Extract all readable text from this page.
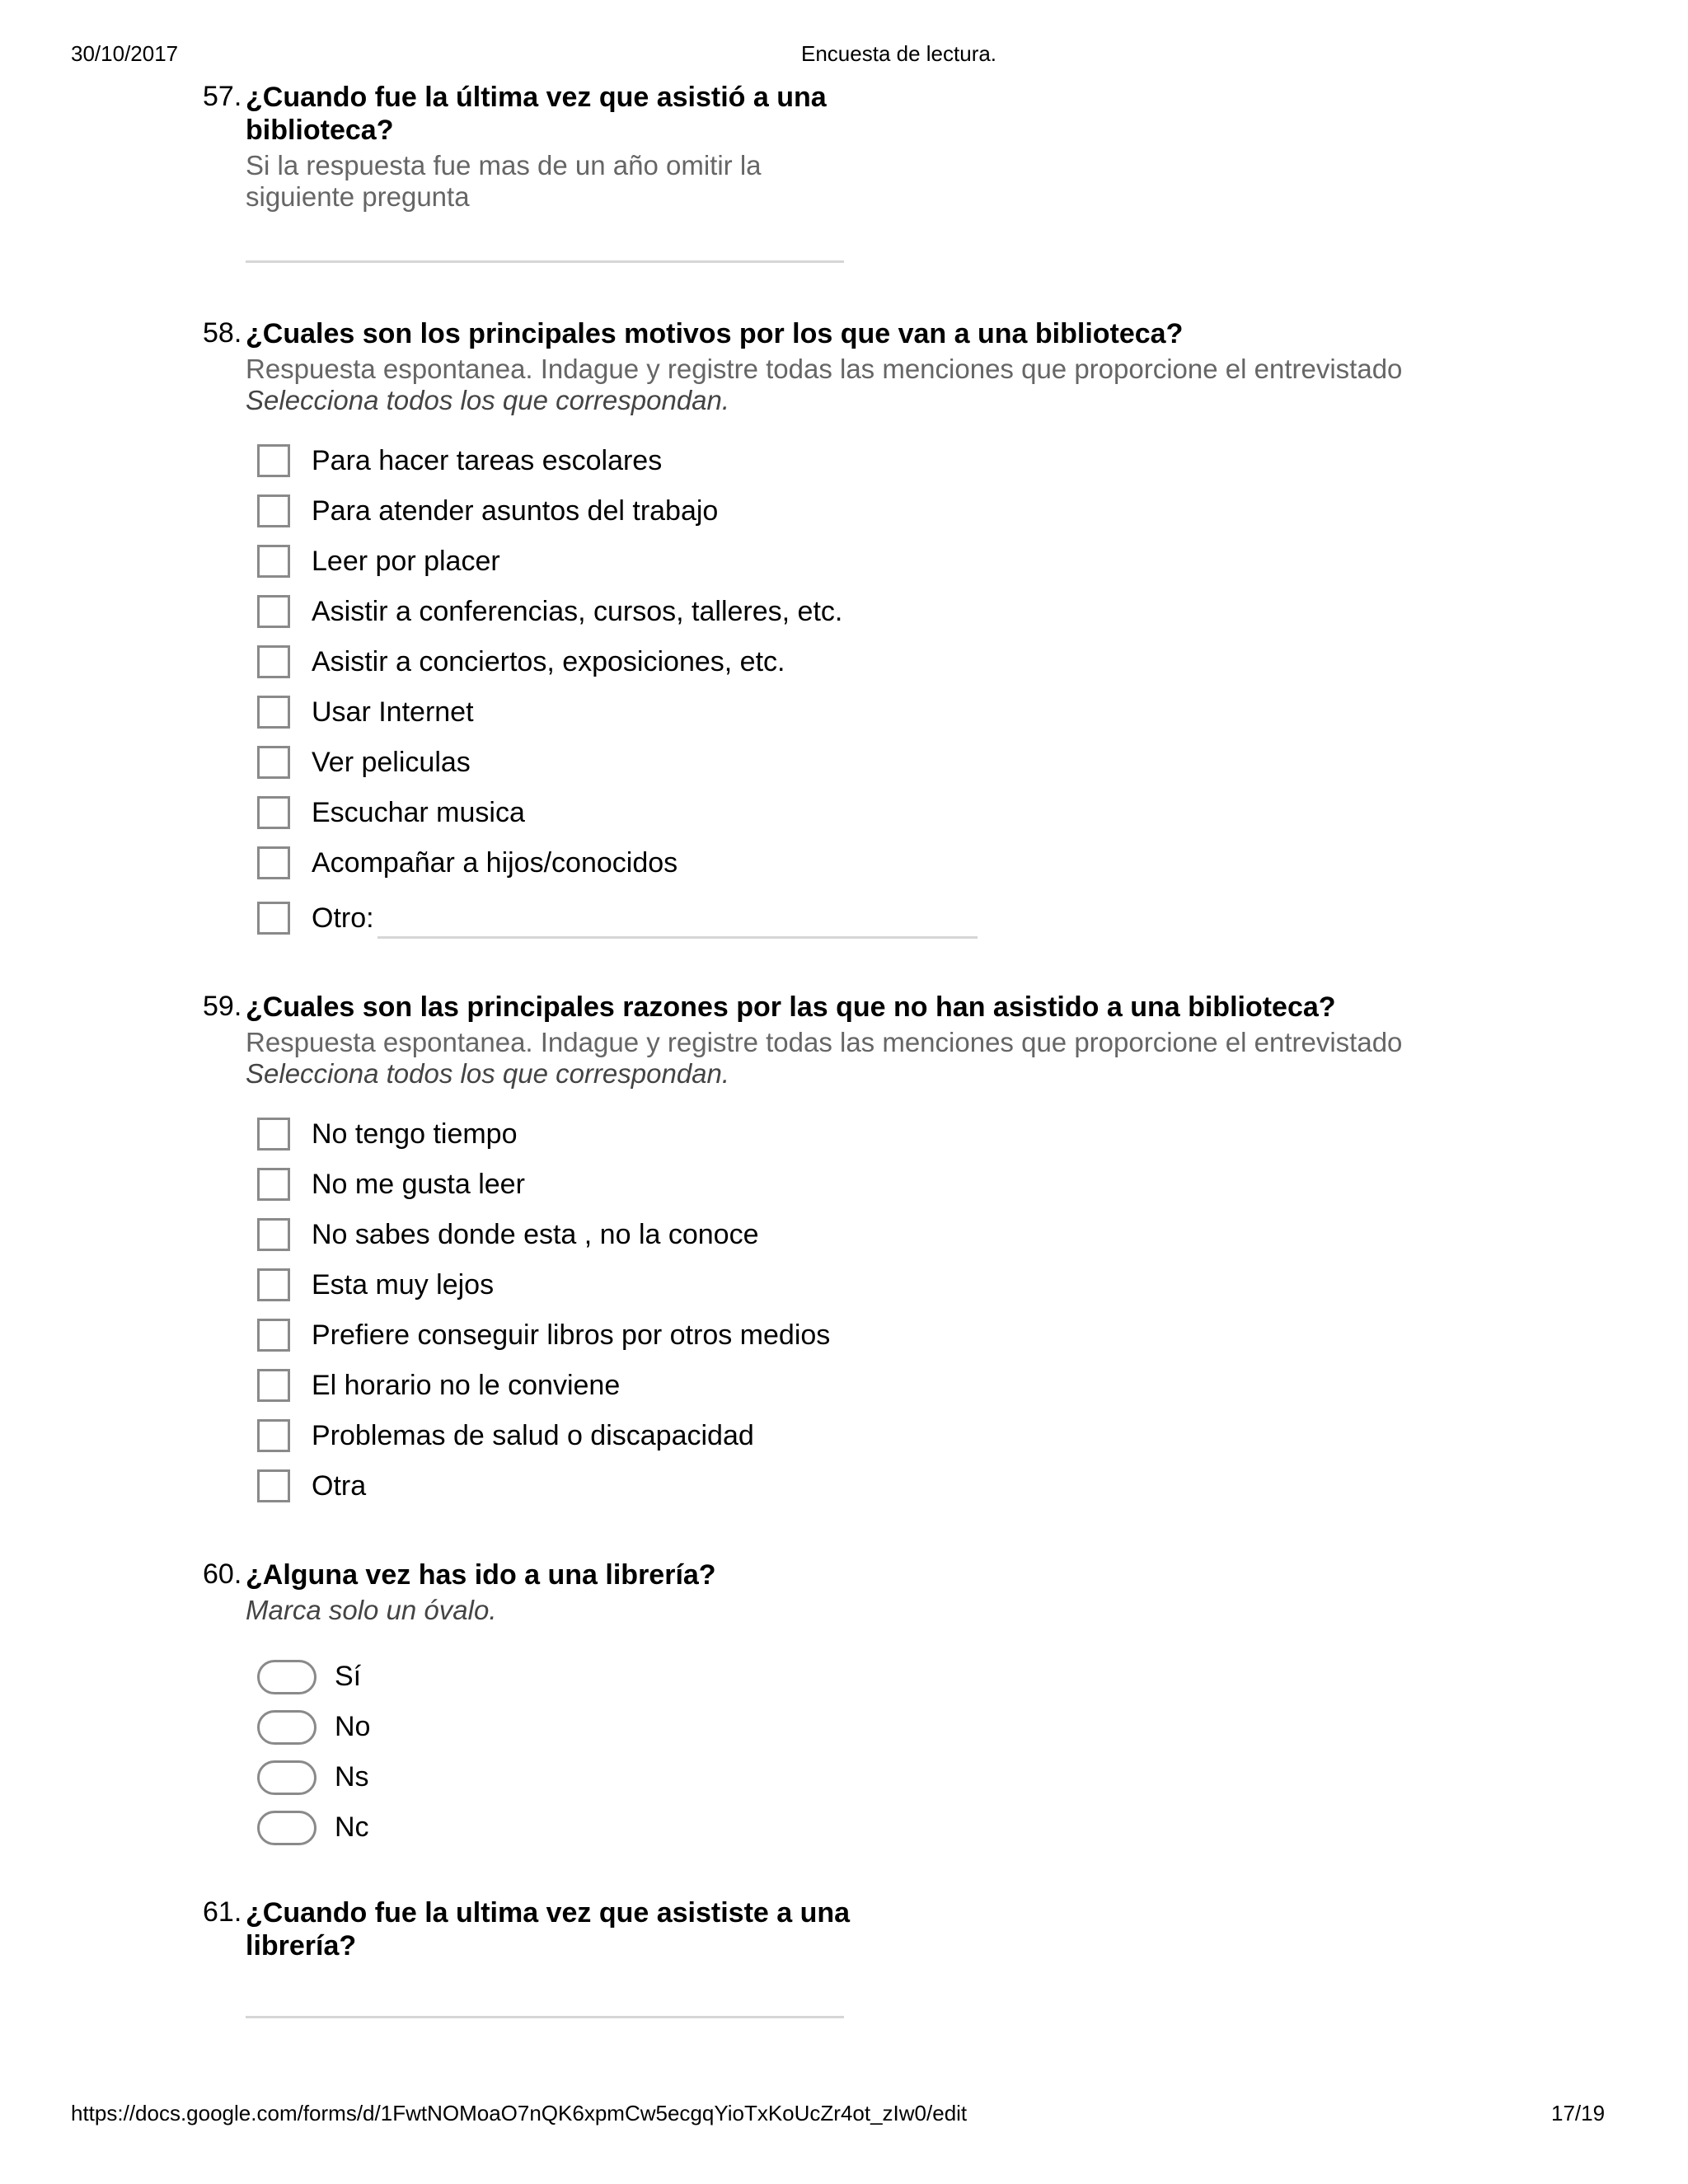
30/10/2017	Encuesta de lectura.
57. ¿Cuando fue la última vez que asistió a una
biblioteca?
Si la respuesta fue mas de un año omitir la
siguiente pregunta
58. ¿Cuales son los principales motivos por los que van a una biblioteca?
Respuesta espontanea. Indague y registre todas las menciones que proporcione el entrevistado
Selecciona todos los que correspondan.
Para hacer tareas escolares
Para atender asuntos del trabajo
Leer por placer
Asistir a conferencias, cursos, talleres, etc.
Asistir a conciertos, exposiciones, etc.
Usar Internet
Ver peliculas
Escuchar musica
Acompañar a hijos/conocidos
Otro:
59. ¿Cuales son las principales razones por las que no han asistido a una biblioteca?
Respuesta espontanea. Indague y registre todas las menciones que proporcione el entrevistado
Selecciona todos los que correspondan.
No tengo tiempo
No me gusta leer
No sabes donde esta , no la conoce
Esta muy lejos
Prefiere conseguir libros por otros medios
El horario no le conviene
Problemas de salud o discapacidad
Otra
60. ¿Alguna vez has ido a una librería?
Marca solo un óvalo.
Sí
No
Ns
Nc
61. ¿Cuando fue la ultima vez que asististe a una
librería?
https://docs.google.com/forms/d/1FwtNOMoaO7nQK6xpmCw5ecgqYioTxKoUcZr4ot_zIw0/edit	17/19
